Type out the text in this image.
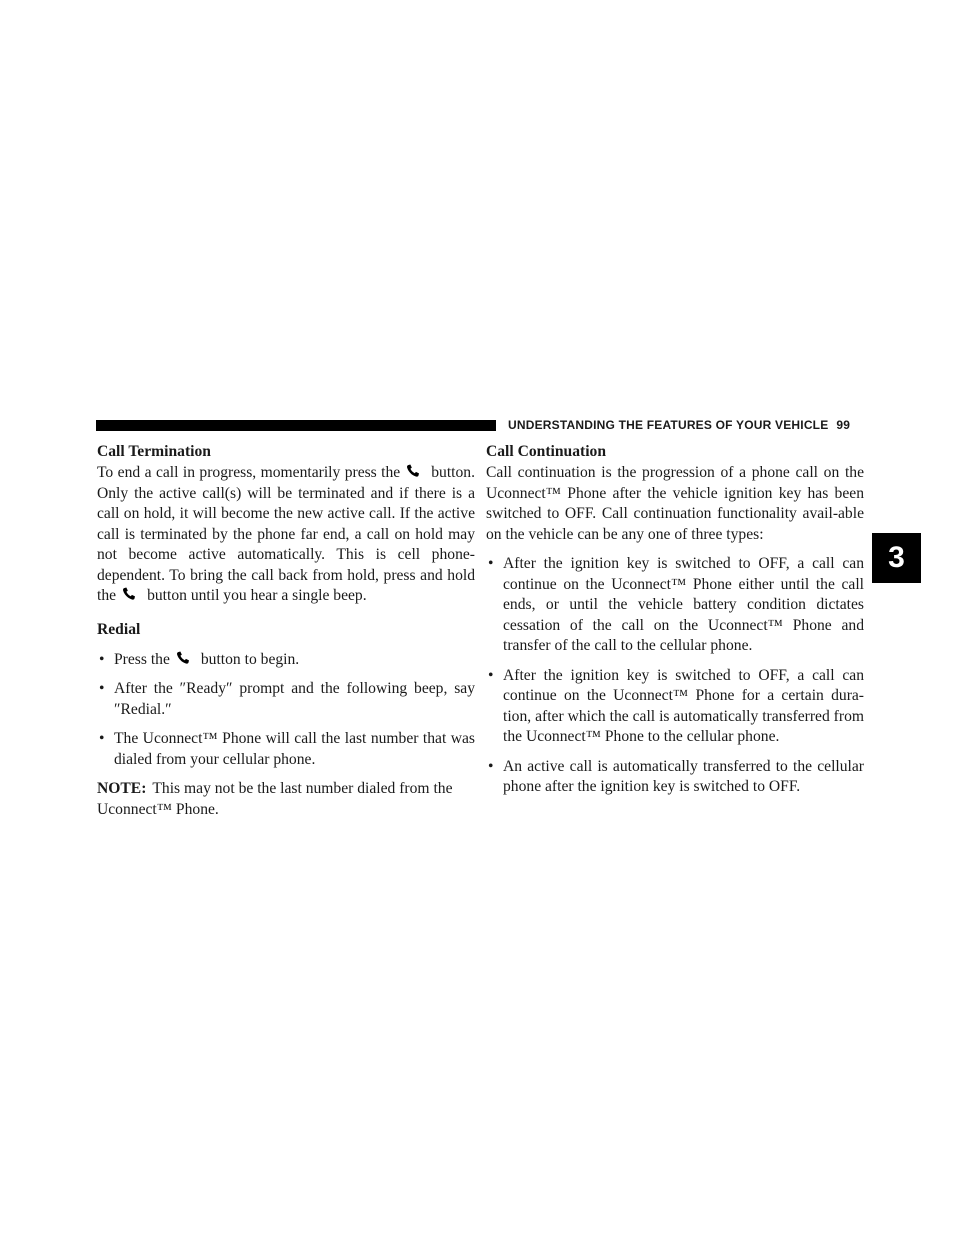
UNDERSTANDING THE FEATURES OF YOUR VEHICLE 99
3
Call Termination

To end a call in progress, momentarily press the button. Only the active call(s) will be terminated and if there is a call on hold, it will become the new active call. If the active call is terminated by the phone far end, a call on hold may not become active automatically. This is cell phone-dependent. To bring the call back from hold, press and hold the button until you hear a single beep.

Redial
• Press the button to begin.
• After the ″Ready″ prompt and the following beep, say ″Redial.″
• The Uconnect™ Phone will call the last number that was dialed from your cellular phone.

NOTE: This may not be the last number dialed from the Uconnect™ Phone.

Call Continuation

Call continuation is the progression of a phone call on the Uconnect™ Phone after the vehicle ignition key has been switched to OFF. Call continuation functionality avail-able on the vehicle can be any one of three types:

• After the ignition key is switched to OFF, a call can continue on the Uconnect™ Phone either until the call ends, or until the vehicle battery condition dictates cessation of the call on the Uconnect™ Phone and transfer of the call to the cellular phone.
• After the ignition key is switched to OFF, a call can continue on the Uconnect™ Phone for a certain dura-tion, after which the call is automatically transferred from the Uconnect™ Phone to the cellular phone.
• An active call is automatically transferred to the cellular phone after the ignition key is switched to OFF.
